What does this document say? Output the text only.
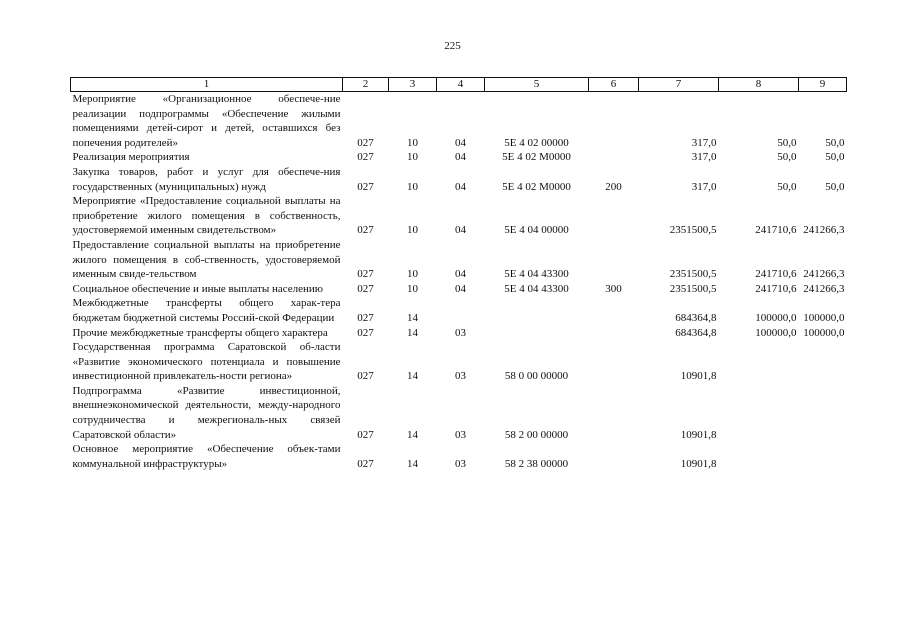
225
1	2	3	4	5	6	7	8	9
Мероприятие «Организационное обеспече-ние реализации подпрограммы «Обеспечение жилыми помещениями детей-сирот и детей, оставшихся без попечения родителей»	027	10	04	5Е 4 02 00000		317,0	50,0	50,0
Реализация мероприятия	027	10	04	5Е 4 02 М0000		317,0	50,0	50,0
Закупка товаров, работ и услуг для обеспече-ния государственных (муниципальных) нужд	027	10	04	5Е 4 02 М0000	200	317,0	50,0	50,0
Мероприятие «Предоставление социальной выплаты на приобретение жилого помещения в собственность, удостоверяемой именным свидетельством»	027	10	04	5Е 4 04 00000		2351500,5	241710,6	241266,3
Предоставление социальной выплаты на приобретение жилого помещения в соб-ственность, удостоверяемой именным свиде-тельством	027	10	04	5Е 4 04 43300		2351500,5	241710,6	241266,3
Социальное обеспечение и иные выплаты населению	027	10	04	5Е 4 04 43300	300	2351500,5	241710,6	241266,3
Межбюджетные трансферты общего харак-тера бюджетам бюджетной системы Россий-ской Федерации	027	14				684364,8	100000,0	100000,0
Прочие межбюджетные трансферты общего характера	027	14	03			684364,8	100000,0	100000,0
Государственная программа Саратовской об-ласти «Развитие экономического потенциала и повышение инвестиционной привлекатель-ности региона»	027	14	03	58 0 00 00000		10901,8		
Подпрограмма «Развитие инвестиционной, внешнеэкономической деятельности, между-народного сотрудничества и межрегиональ-ных связей Саратовской области»	027	14	03	58 2 00 00000		10901,8		
Основное мероприятие «Обеспечение объек-тами коммунальной инфраструктуры»	027	14	03	58 2 38 00000		10901,8		
